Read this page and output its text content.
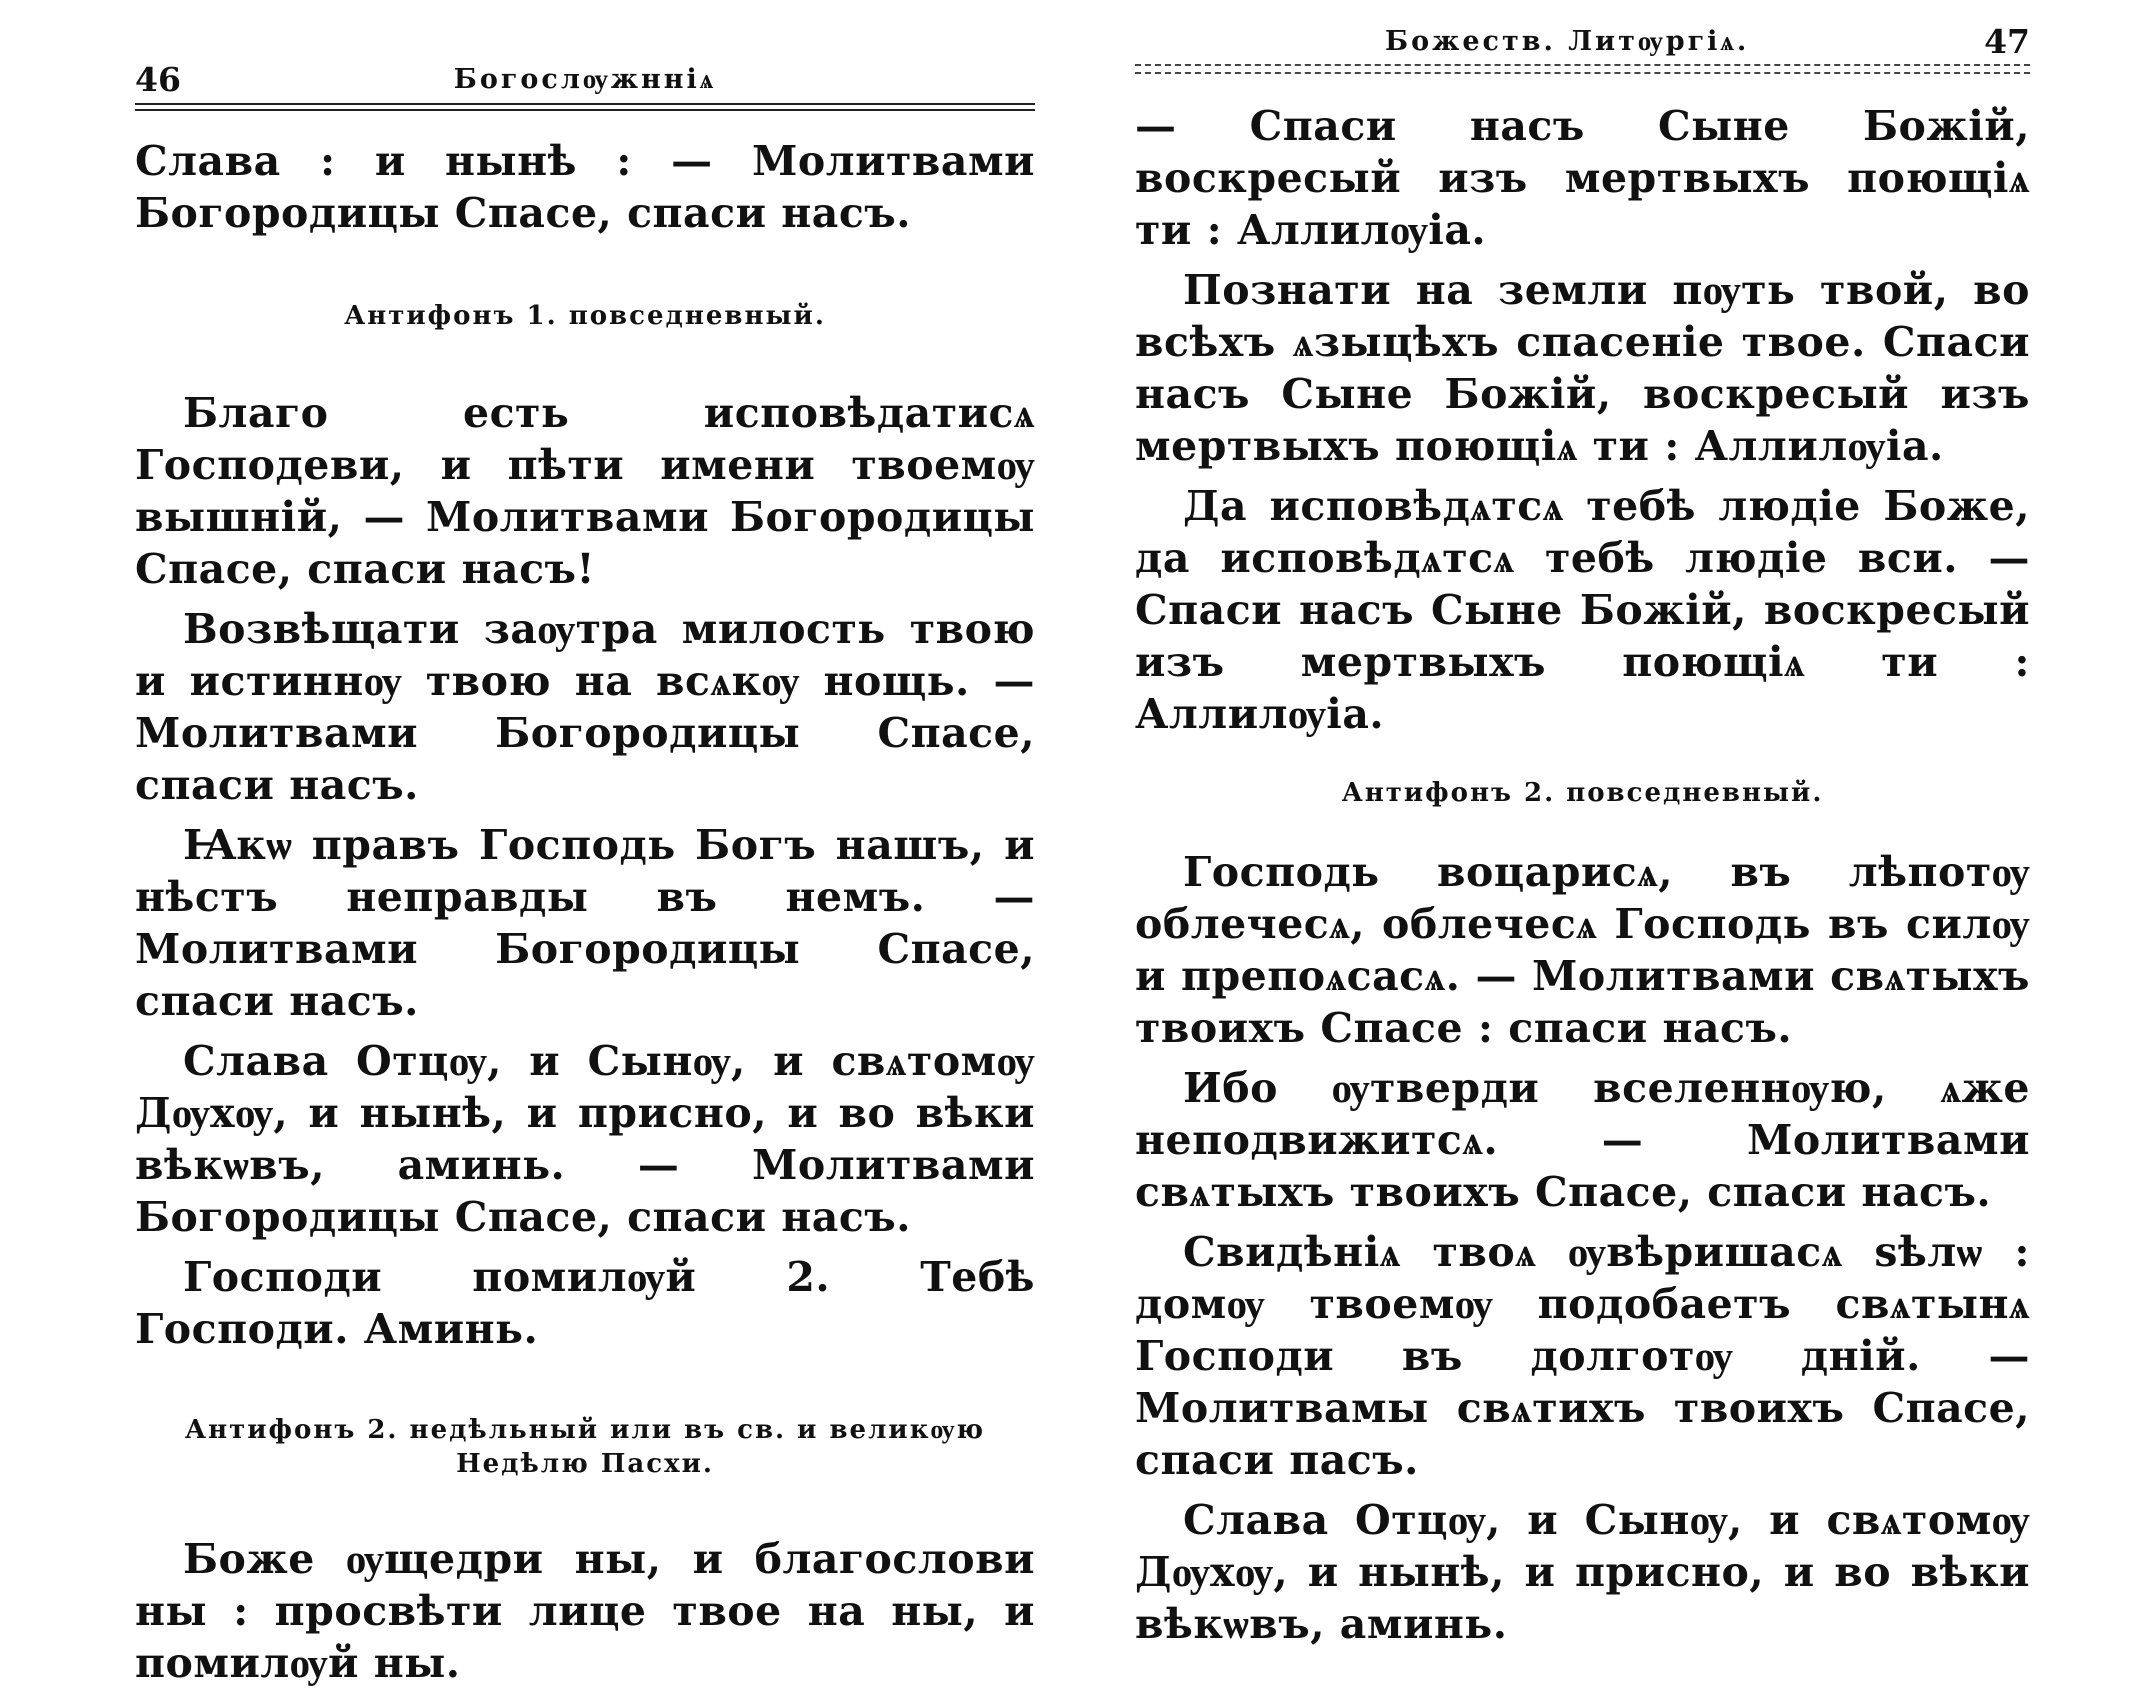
46	Богослѹжнніѧ

Слава : и нынѣ : — Молитвами Богородицы Спасе, спаси насъ.

Антифонъ 1. повседневный.

Благо есть исповѣдатисѧ Господеви, и пѣти имени твоемѹ вышній, — Молитвами Богородицы Спасе, спаси насъ!

Возвѣщати заѹтра милость твою и истиннѹ твою на всѧкѹ нощь. — Молитвами Богородицы Спасе, спаси насъ.

Ꙗкѡ правъ Господь Богъ нашъ, и нѣстъ неправды въ немъ. — Молитвами Богородицы Спасе, спаси насъ.

Слава Отцѹ, и Сынѹ, и свѧтомѹ Дѹхѹ, и нынѣ, и присно, и во вѣки вѣкѡвъ, аминь. — Молитвами Богородицы Спасе, спаси насъ.

Господи помилѹй 2. Тебѣ Господи. Аминь.

Антифонъ 2. недѣльный или въ св. и великѹю
Недѣлю Пасхи.

Боже ѹщедри ны, и благослови ны : просвѣти лице твое на ны, и помилѹй ны.

Божеств. Литѹргіѧ.	47

— Спаси насъ Сыне Божій, воскресый изъ мертвыхъ поющіѧ ти : Аллилѹіа.

Познати на земли пѹть твой, во всѣхъ ѧзыцѣхъ спасеніе твое. Спаси насъ Сыне Божій, воскресый изъ мертвыхъ поющіѧ ти : Аллилѹіа.

Да исповѣдѧтсѧ тебѣ людіе Боже, да исповѣдѧтсѧ тебѣ людіе вси. — Спаси насъ Сыне Божій, воскресый изъ мертвыхъ поющіѧ ти : Аллилѹіа.

Антифонъ 2. повседневный.

Господь воцарисѧ, въ лѣпотѹ облечесѧ, облечесѧ Господь въ силѹ и препоѧсасѧ. — Молитвами свѧтыхъ твоихъ Спасе : спаси насъ.

Ибо ѹтверди вселеннѹю, ѧже неподвижитсѧ. — Молитвами свѧтыхъ твоихъ Спасе, спаси насъ.

Свидѣніѧ твоѧ ѹвѣришасѧ ѕѣлѡ : домѹ твоемѹ подобаетъ свѧтынѧ Господи въ долготѹ дній. — Молитвамы свѧтихъ твоихъ Спасе, спаси пасъ.

Слава Отцѹ, и Сынѹ, и свѧтомѹ Дѹхѹ, и нынѣ, и присно, и во вѣки вѣкѡвъ, аминь.
